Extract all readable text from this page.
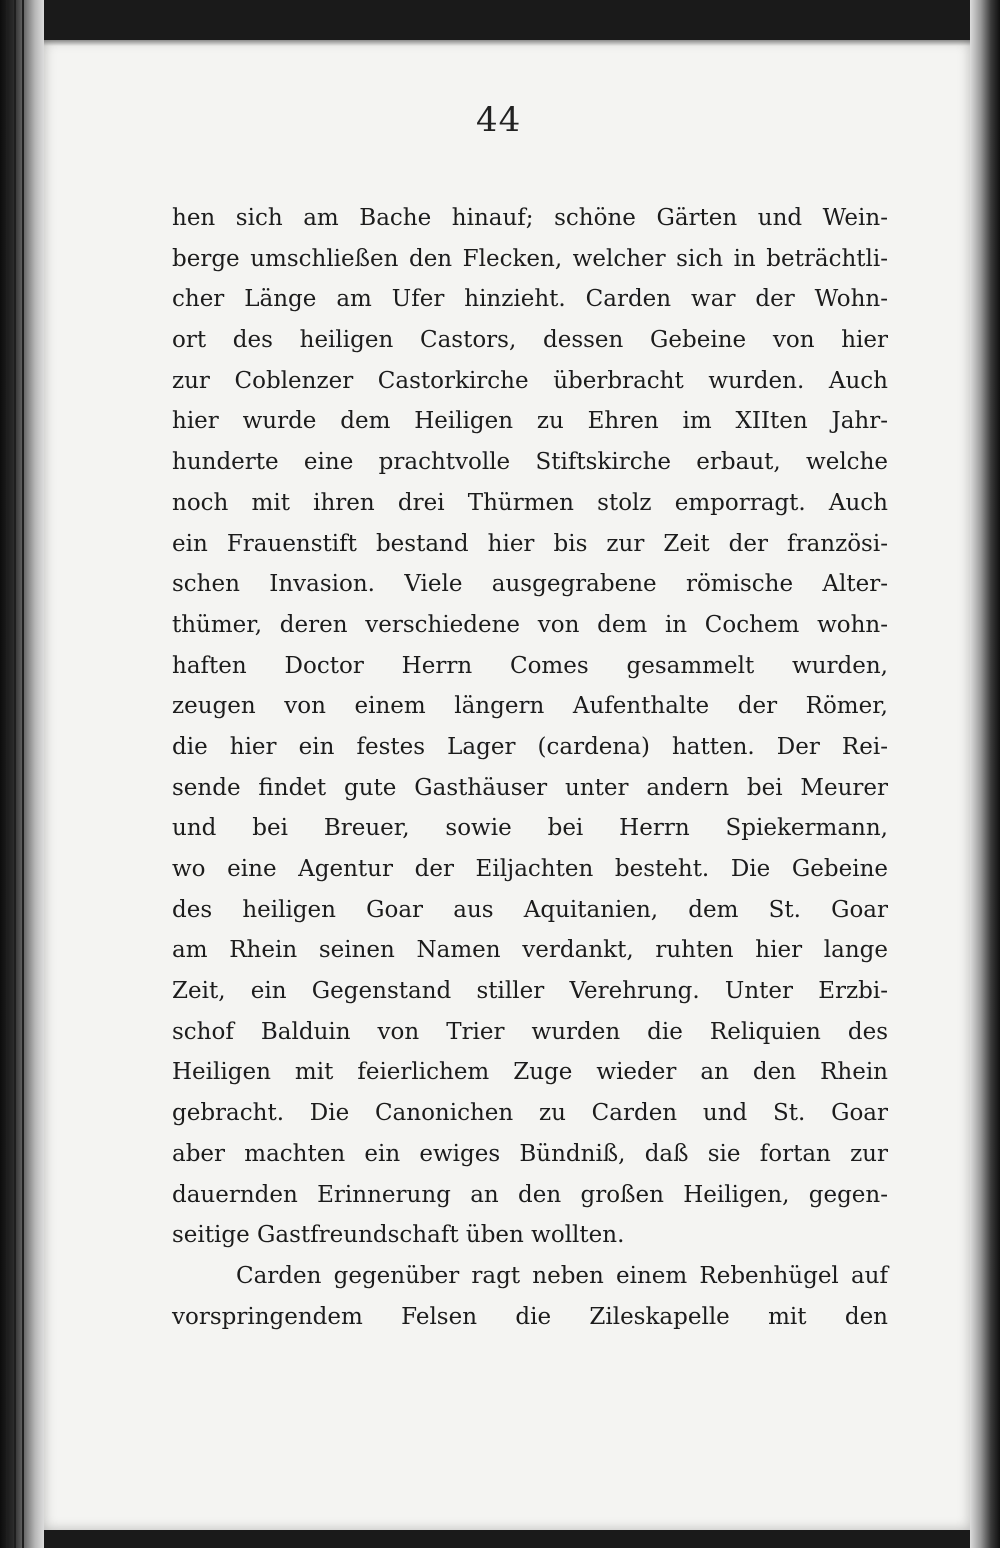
44
hen sich am Bache hinauf; schöne Gärten und Wein-
berge umschließen den Flecken, welcher sich in beträchtli-
cher Länge am Ufer hinzieht. Carden war der Wohn-
ort des heiligen Castors, dessen Gebeine von hier
zur Coblenzer Castorkirche überbracht wurden. Auch
hier wurde dem Heiligen zu Ehren im XIIten Jahr-
hunderte eine prachtvolle Stiftskirche erbaut, welche
noch mit ihren drei Thürmen stolz emporragt. Auch
ein Frauenstift bestand hier bis zur Zeit der französi-
schen Invasion. Viele ausgegrabene römische Alter-
thümer, deren verschiedene von dem in Cochem wohn-
haften Doctor Herrn Comes gesammelt wurden,
zeugen von einem längern Aufenthalte der Römer,
die hier ein festes Lager (cardena) hatten. Der Rei-
sende findet gute Gasthäuser unter andern bei Meurer
und bei Breuer, sowie bei Herrn Spiekermann,
wo eine Agentur der Eiljachten besteht. Die Gebeine
des heiligen Goar aus Aquitanien, dem St. Goar
am Rhein seinen Namen verdankt, ruhten hier lange
Zeit, ein Gegenstand stiller Verehrung. Unter Erzbi-
schof Balduin von Trier wurden die Reliquien des
Heiligen mit feierlichem Zuge wieder an den Rhein
gebracht. Die Canonichen zu Carden und St. Goar
aber machten ein ewiges Bündniß, daß sie fortan zur
dauernden Erinnerung an den großen Heiligen, gegen-
seitige Gastfreundschaft üben wollten.
Carden gegenüber ragt neben einem Rebenhügel auf
vorspringendem Felsen die Zileskapelle mit den
